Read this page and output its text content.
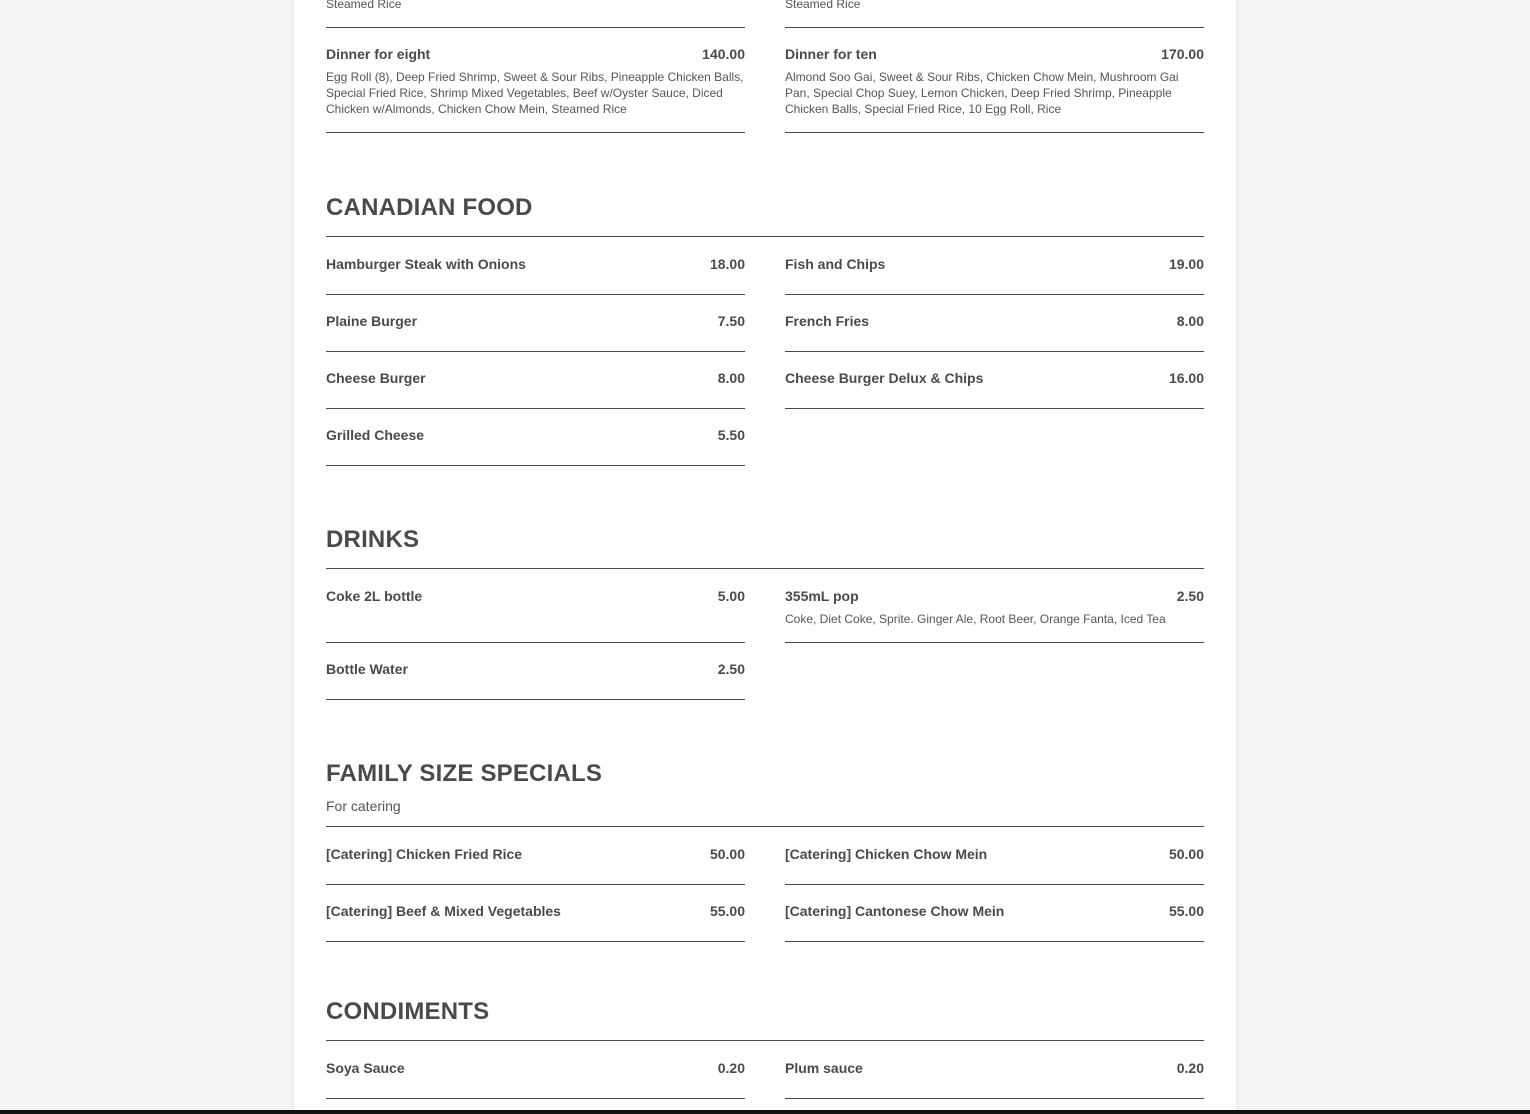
Steamed Rice	Steamed Rice
Dinner for eight	140.00
Egg Roll (8), Deep Fried Shrimp, Sweet & Sour Ribs, Pineapple Chicken Balls, Special Fried Rice, Shrimp Mixed Vegetables, Beef w/Oyster Sauce, Diced Chicken w/Almonds, Chicken Chow Mein, Steamed Rice
Dinner for ten	170.00
Almond Soo Gai, Sweet & Sour Ribs, Chicken Chow Mein, Mushroom Gai Pan, Special Chop Suey, Lemon Chicken, Deep Fried Shrimp, Pineapple Chicken Balls, Special Fried Rice, 10 Egg Roll, Rice
CANADIAN FOOD
Hamburger Steak with Onions	18.00	Fish and Chips	19.00
Plaine Burger	7.50	French Fries	8.00
Cheese Burger	8.00	Cheese Burger Delux & Chips	16.00
Grilled Cheese	5.50
DRINKS
Coke 2L bottle	5.00	355mL pop	2.50
Coke, Diet Coke, Sprite. Ginger Ale, Root Beer, Orange Fanta, Iced Tea
Bottle Water	2.50
FAMILY SIZE SPECIALS
For catering
[Catering] Chicken Fried Rice	50.00	[Catering] Chicken Chow Mein	50.00
[Catering] Beef & Mixed Vegetables	55.00	[Catering] Cantonese Chow Mein	55.00
CONDIMENTS
Soya Sauce	0.20	Plum sauce	0.20
